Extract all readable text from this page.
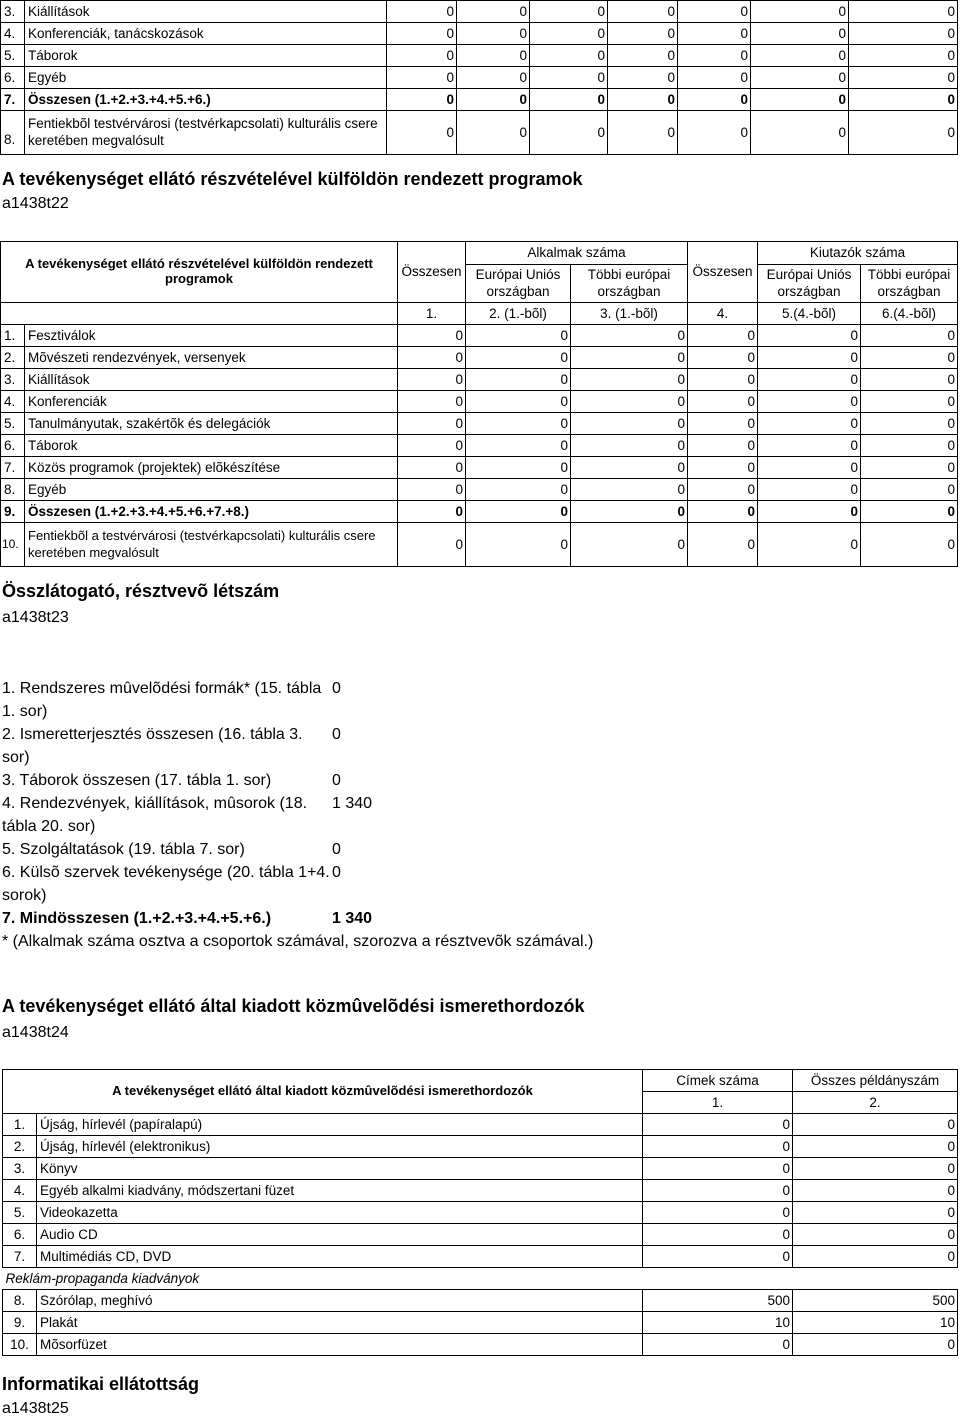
3.	Kiállítások	0	0	0	0	0	0	0
4.	Konferenciák, tanácskozások	0	0	0	0	0	0	0
5.	Táborok	0	0	0	0	0	0	0
6.	Egyéb	0	0	0	0	0	0	0
7.	Összesen (1.+2.+3.+4.+5.+6.)	0	0	0	0	0	0	0
8.	Fentiekbõl testvérvárosi (testvérkapcsolati) kulturális csere keretében megvalósult	0	0	0	0	0	0	0
A tevékenységet ellátó részvételével külföldön rendezett programok
a1438t22
A tevékenységet ellátó részvételével külföldön rendezett programok		Összesen	Alkalmak száma		Összesen	Kiutazók száma	
			Európai Uniós országban	Többi európai országban		Európai Uniós országban	Többi európai országban
		1.	2. (1.-bõl)	3. (1.-bõl)	4.	5.(4.-bõl)	6.(4.-bõl)
1.	Fesztiválok	0	0	0	0	0	0
2.	Mõvészeti rendezvények, versenyek	0	0	0	0	0	0
3.	Kiállítások	0	0	0	0	0	0
4.	Konferenciák	0	0	0	0	0	0
5.	Tanulmányutak, szakértõk és delegációk	0	0	0	0	0	0
6.	Táborok	0	0	0	0	0	0
7.	Közös programok (projektek) elõkészítése	0	0	0	0	0	0
8.	Egyéb	0	0	0	0	0	0
9.	Összesen (1.+2.+3.+4.+5.+6.+7.+8.)	0	0	0	0	0	0
10.	Fentiekbõl a testvérvárosi (testvérkapcsolati) kulturális csere keretében megvalósult	0	0	0	0	0	0
Összlátogató, résztvevõ létszám
a1438t23
1. Rendszeres mûvelõdési formák* (15. tábla 1. sor)
0
2. Ismeretterjesztés összesen (16. tábla 3. sor)
0
3. Táborok összesen (17. tábla 1. sor)	0
4. Rendezvények, kiállítások, mûsorok (18. tábla 20. sor)
1 340
5. Szolgáltatások (19. tábla 7. sor)	0
6. Külsõ szervek tevékenysége (20. tábla 1+4. sorok)
0
7. Mindösszesen (1.+2.+3.+4.+5.+6.)	1 340
* (Alkalmak száma osztva a csoportok számával, szorozva a résztvevõk számával.)
A tevékenységet ellátó által kiadott közmûvelõdési ismerethordozók
a1438t24
A tevékenységet ellátó által kiadott közmûvelõdési ismerethordozók		Címek száma	Összes példányszám
		1.	2.
1.	Újság, hírlevél (papíralapú)	0	0
2.	Újság, hírlevél (elektronikus)	0	0
3.	Könyv	0	0
4.	Egyéb alkalmi kiadvány, módszertani füzet	0	0
5.	Videokazetta	0	0
6.	Audio CD	0	0
7.	Multimédiás CD, DVD	0	0
Reklám-propaganda kiadványok			
8.	Szórólap, meghívó	500	500
9.	Plakát	10	10
10.	Mõsorfüzet	0	0
Informatikai ellátottság
a1438t25
